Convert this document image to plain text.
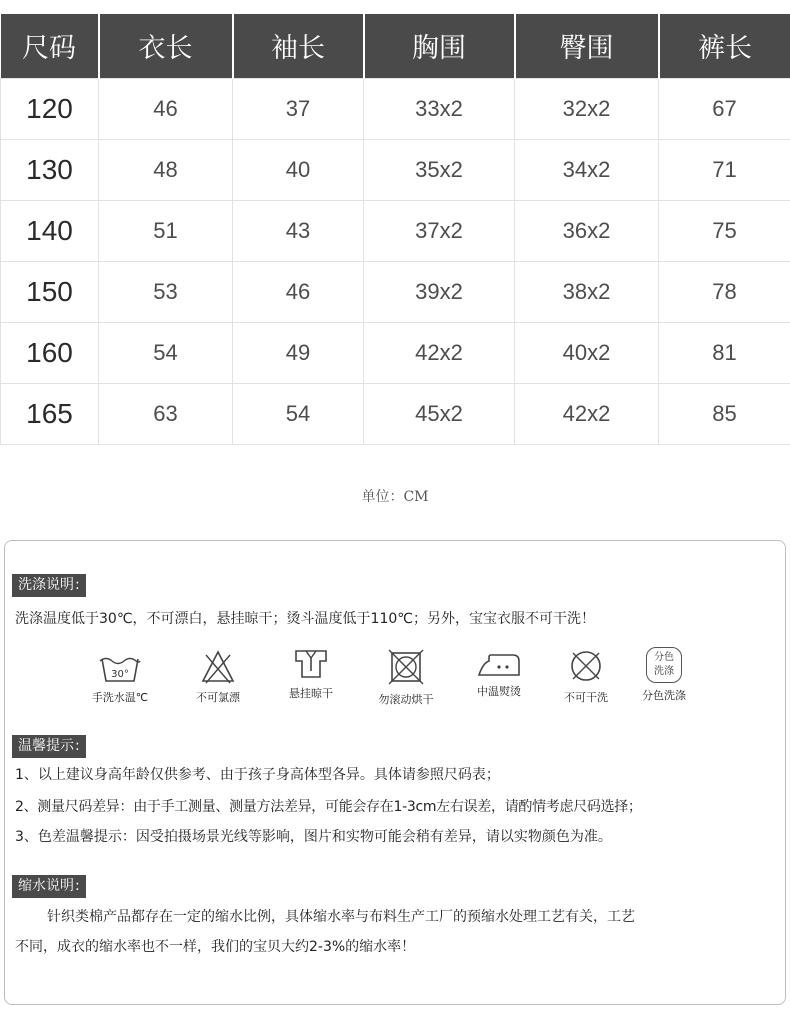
尺码	衣长	袖长	胸围	臀围	裤长
120	46	37	33x2	32x2	67
130	48	40	35x2	34x2	71
140	51	43	37x2	36x2	75
150	53	46	39x2	38x2	78
160	54	49	42x2	40x2	81
165	63	54	45x2	42x2	85
单位：CM
洗涤说明:
洗涤温度低于30℃，不可漂白，悬挂晾干；烫斗温度低于110℃；另外，宝宝衣服不可干洗！
30°
手洗水温℃	不可氯漂	悬挂晾干	勿滚动烘干
中温熨烫	不可干洗
分色
洗涤
分色洗涤
温馨提示:
1、以上建议身高年龄仅供参考、由于孩子身高体型各异。具体请参照尺码表；
2、测量尺码差异：由于手工测量、测量方法差异，可能会存在1-3cm左右误差，请酌情考虑尺码选择；
3、色差温馨提示：因受拍摄场景光线等影响，图片和实物可能会稍有差异，请以实物颜色为准。
缩水说明:
针织类棉产品都存在一定的缩水比例，具体缩水率与布料生产工厂的预缩水处理工艺有关，工艺
不同，成衣的缩水率也不一样，我们的宝贝大约2-3%的缩水率！
